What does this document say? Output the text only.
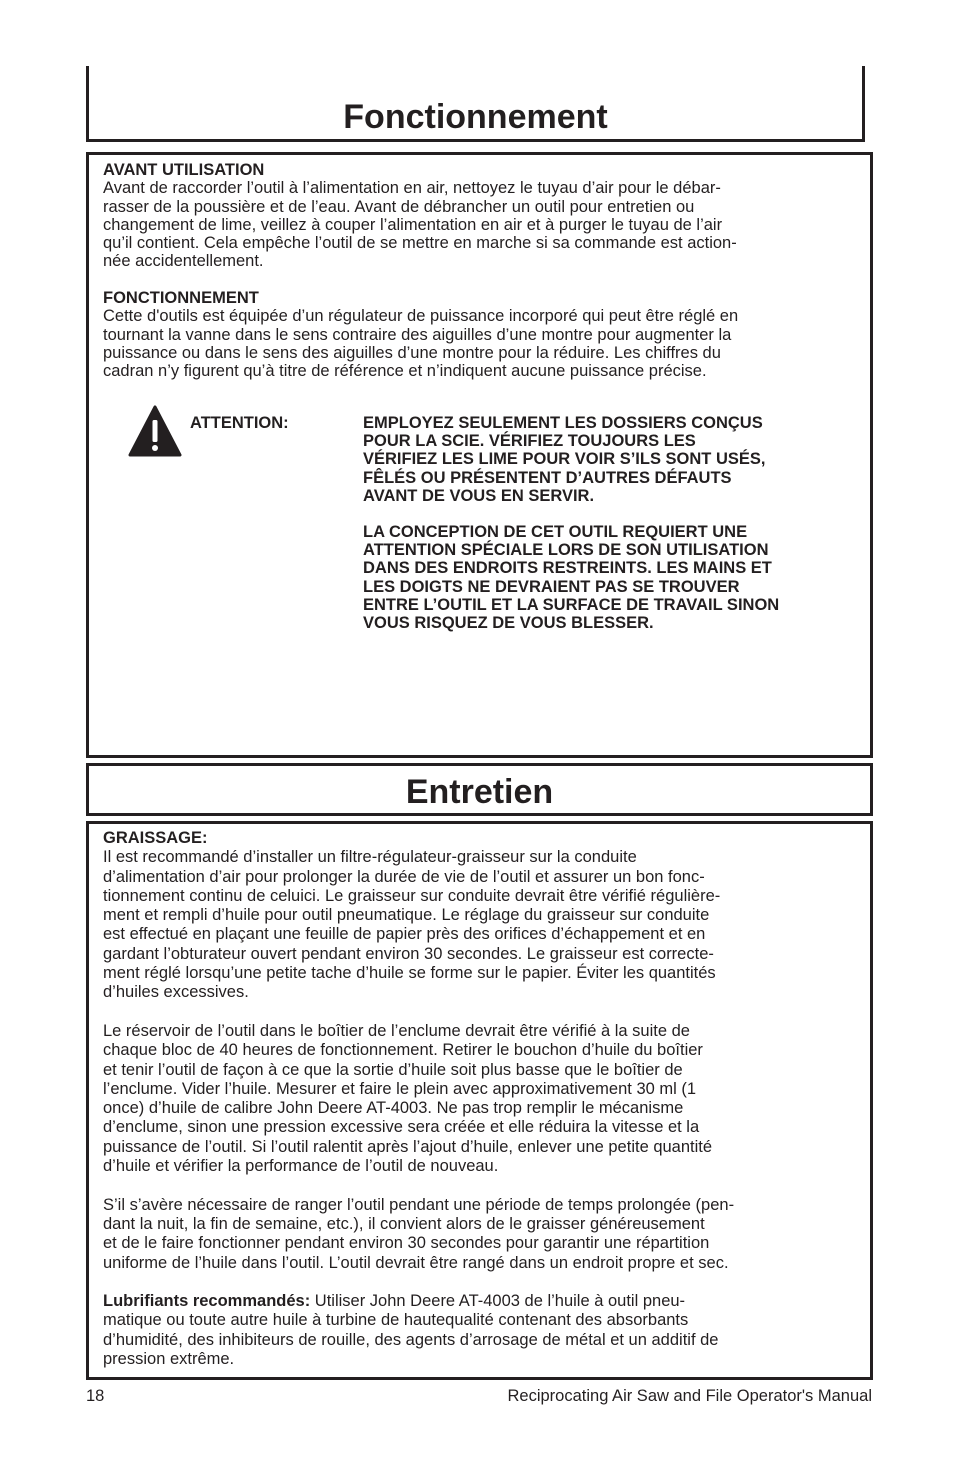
Fonctionnement

AVANT UTILISATION

Avant de raccorder l’outil à l’alimentation en air, nettoyez le tuyau d’air pour le débar-

rasser de la poussière et de l’eau. Avant de débrancher un outil pour entretien ou

changement de lime, veillez à couper l’alimentation en air et à purger le tuyau de l’air

qu’il contient. Cela empêche l’outil de se mettre en marche si sa commande est action-

née accidentellement.

FONCTIONNEMENT

Cette d'outils est équipée d’un régulateur de puissance incorporé qui peut être réglé en

tournant la vanne dans le sens contraire des aiguilles d’une montre pour augmenter la

puissance ou dans le sens des aiguilles d’une montre pour la réduire. Les chiffres du

cadran n’y figurent qu’à titre de référence et n’indiquent aucune puissance précise.

ATTENTION:	EMPLOYEZ SEULEMENT LES DOSSIERS CONÇUS

POUR LA SCIE. VÉRIFIEZ TOUJOURS LES

VÉRIFIEZ LES LIME POUR VOIR S’ILS SONT USÉS,

FÊLÉS OU PRÉSENTENT D’AUTRES DÉFAUTS

AVANT DE VOUS EN SERVIR.

LA CONCEPTION DE CET OUTIL REQUIERT UNE

ATTENTION SPÉCIALE LORS DE SON UTILISATION

DANS DES ENDROITS RESTREINTS. LES MAINS ET

LES DOIGTS NE DEVRAIENT PAS SE TROUVER

ENTRE L’OUTIL ET LA SURFACE DE TRAVAIL SINON

VOUS RISQUEZ DE VOUS BLESSER.

Entretien

GRAISSAGE:

Il est recommandé d’installer un filtre-régulateur-graisseur sur la conduite

d’alimentation d’air pour prolonger la durée de vie de l’outil et assurer un bon fonc-

tionnement continu de celuici. Le graisseur sur conduite devrait être vérifié régulière-

ment et rempli d’huile pour outil pneumatique. Le réglage du graisseur sur conduite

est effectué en plaçant une feuille de papier près des orifices d’échappement et en

gardant l’obturateur ouvert pendant environ 30 secondes. Le graisseur est correcte-

ment réglé lorsqu’une petite tache d’huile se forme sur le papier. Éviter les quantités

d’huiles excessives.

Le réservoir de l’outil dans le boîtier de l’enclume devrait être vérifié à la suite de

chaque bloc de 40 heures de fonctionnement. Retirer le bouchon d’huile du boîtier

et tenir l’outil de façon à ce que la sortie d’huile soit plus basse que le boîtier de

l’enclume. Vider l’huile. Mesurer et faire le plein avec approximativement 30 ml (1

once) d’huile de calibre John Deere AT-4003. Ne pas trop remplir le mécanisme

d’enclume, sinon une pression excessive sera créée et elle réduira la vitesse et la

puissance de l’outil. Si l’outil ralentit après l’ajout d’huile, enlever une petite quantité

d’huile et vérifier la performance de l’outil de nouveau.

S’il s’avère nécessaire de ranger l’outil pendant une période de temps prolongée (pen-

dant la nuit, la fin de semaine, etc.), il convient alors de le graisser généreusement

et de le faire fonctionner pendant environ 30 secondes pour garantir une répartition

uniforme de l’huile dans l’outil. L’outil devrait être rangé dans un endroit propre et sec.

Lubrifiants recommandés: Utiliser John Deere AT-4003 de l’huile à outil pneu-

matique ou toute autre huile à turbine de hautequalité contenant des absorbants

d’humidité, des inhibiteurs de rouille, des agents d’arrosage de métal et un additif de

pression extrême.

18	Reciprocating Air Saw and File Operator's Manual
